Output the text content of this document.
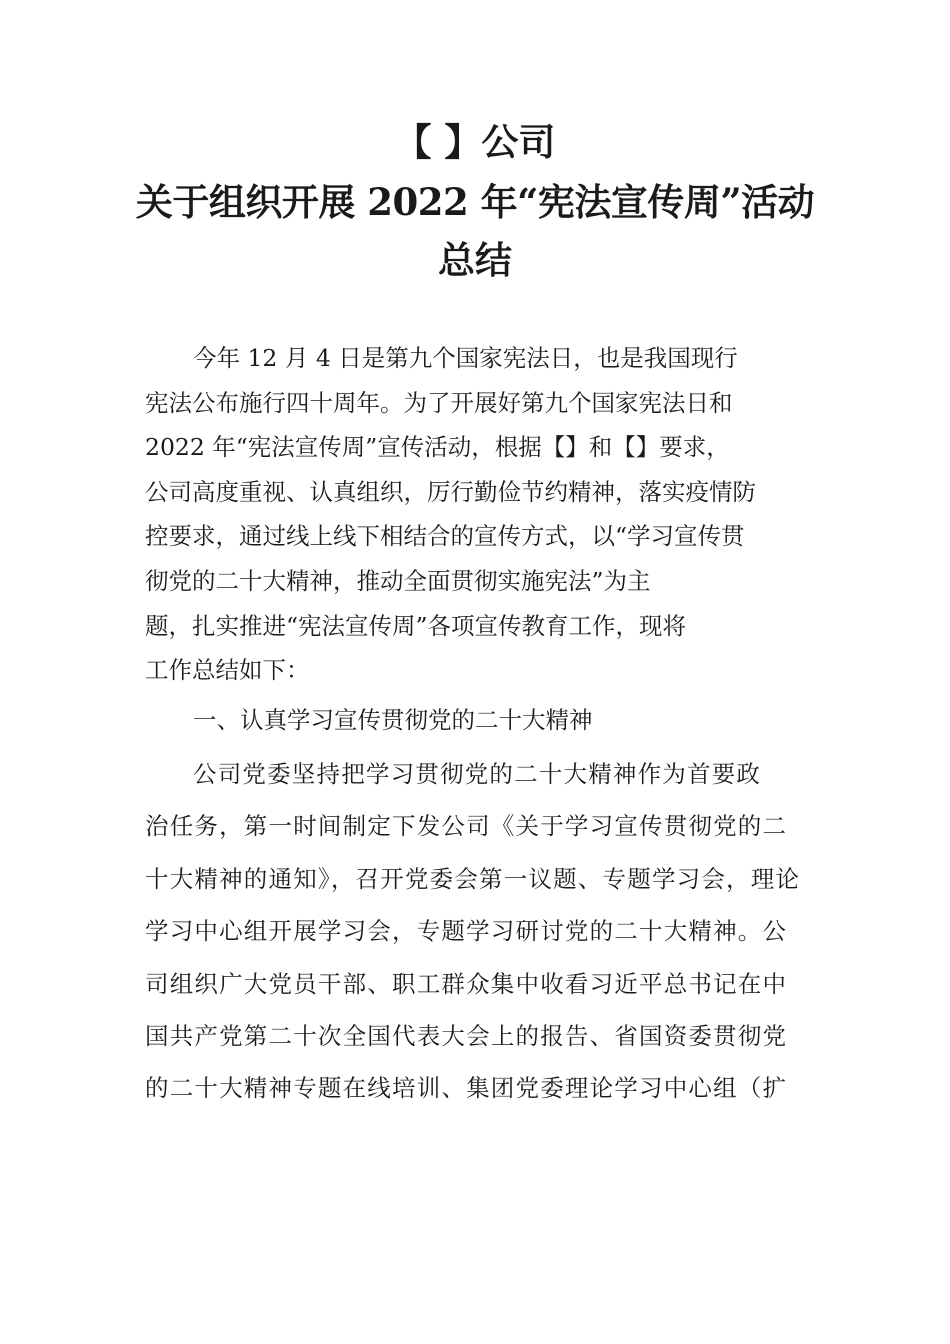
【 】公司
关于组织开展 2022 年“宪法宣传周”活动
总结
今年 12 月 4 日是第九个国家宪法日，也是我国现行
宪法公布施行四十周年。为了开展好第九个国家宪法日和
2022 年“宪法宣传周”宣传活动，根据【】和【】要求，
公司高度重视、认真组织，厉行勤俭节约精神，落实疫情防
控要求，通过线上线下相结合的宣传方式，以“学习宣传贯
彻党的二十大精神，推动全面贯彻实施宪法”为主
题，扎实推进“宪法宣传周”各项宣传教育工作，现将
工作总结如下：
一、认真学习宣传贯彻党的二十大精神
公司党委坚持把学习贯彻党的二十大精神作为首要政
治任务，第一时间制定下发公司《关于学习宣传贯彻党的二
十大精神的通知》，召开党委会第一议题、专题学习会，理论
学习中心组开展学习会，专题学习研讨党的二十大精神。公
司组织广大党员干部、职工群众集中收看习近平总书记在中
国共产党第二十次全国代表大会上的报告、省国资委贯彻党
的二十大精神专题在线培训、集团党委理论学习中心组（扩
